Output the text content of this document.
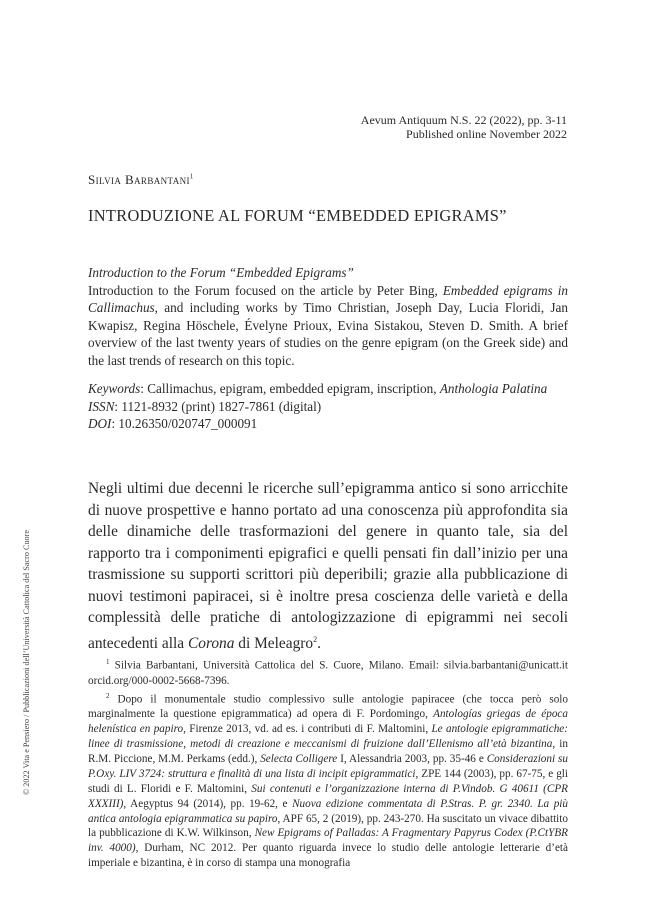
Aevum Antiquum N.S. 22 (2022), pp. 3-11
Published online November 2022
Silvia Barbantani$^1$
INTRODUZIONE AL FORUM “EMBEDDED EPIGRAMS”

Introduction to the Forum “Embedded Epigrams”

Introduction to the Forum focused on the article by Peter Bing, Embedded epigrams in Callimachus, and including works by Timo Christian, Joseph Day, Lucia Floridi, Jan Kwapisz, Regina Höschele, Évelyne Prioux, Evina Sistakou, Steven D. Smith. A brief overview of the last twenty years of studies on the genre epigram (on the Greek side) and the last trends of research on this topic.

Keywords: Callimachus, epigram, embedded epigram, inscription, Anthologia Palatina

ISSN: 1121-8932 (print) 1827-7861 (digital)

DOI: 10.26350/020747_000091

Negli ultimi due decenni le ricerche sull’epigramma antico si sono arricchite di nuove prospettive e hanno portato ad una conoscenza più approfondita sia delle dinamiche delle trasformazioni del genere in quanto tale, sia del rapporto tra i componimenti epigrafici e quelli pensati fin dall’inizio per una trasmissione su supporti scrittori più deperibili; grazie alla pubblicazione di nuovi testimoni papiracei, si è inoltre presa coscienza delle varietà e della complessità delle pratiche di antologizzazione di epigrammi nei secoli antecedenti alla Corona di Meleagro$^2$.

$^1$ Silvia Barbantani, Università Cattolica del S. Cuore, Milano. Email: silvia.barbantani@unicatt.it orcid.org/000-0002-5668-7396.

$^2$ Dopo il monumentale studio complessivo sulle antologie papiracee (che tocca però solo marginalmente la questione epigrammatica) ad opera di F. Pordomingo, Antologías griegas de época helenística en papiro, Firenze 2013, vd. ad es. i contributi di F. Maltomini, Le antologie epigrammatiche: linee di trasmissione, metodi di creazione e meccanismi di fruizione dall’Ellenismo all’età bizantina, in R.M. Piccione, M.M. Perkams (edd.), Selecta Colligere I, Alessandria 2003, pp. 35-46 e Considerazioni su P.Oxy. LIV 3724: struttura e finalità di una lista di incipit epigrammatici, ZPE 144 (2003), pp. 67-75, e gli studi di L. Floridi e F. Maltomini, Sui contenuti e l’organizzazione interna di P.Vindob. G 40611 (CPR XXXIII), Aegyptus 94 (2014), pp. 19-62, e Nuova edizione commentata di P.Stras. P. gr. 2340. La più antica antologia epigrammatica su papiro, APF 65, 2 (2019), pp. 243-270. Ha suscitato un vivace dibattito la pubblicazione di K.W. Wilkinson, New Epigrams of Palladas: A Fragmentary Papyrus Codex (P.CtYBR inv. 4000), Durham, NC 2012. Per quanto riguarda invece lo studio delle antologie letterarie d’età imperiale e bizantina, è in corso di stampa una monografia

© 2022 Vita e Pensiero / Pubblicazioni dell’Università Cattolica del Sacro Cuore
